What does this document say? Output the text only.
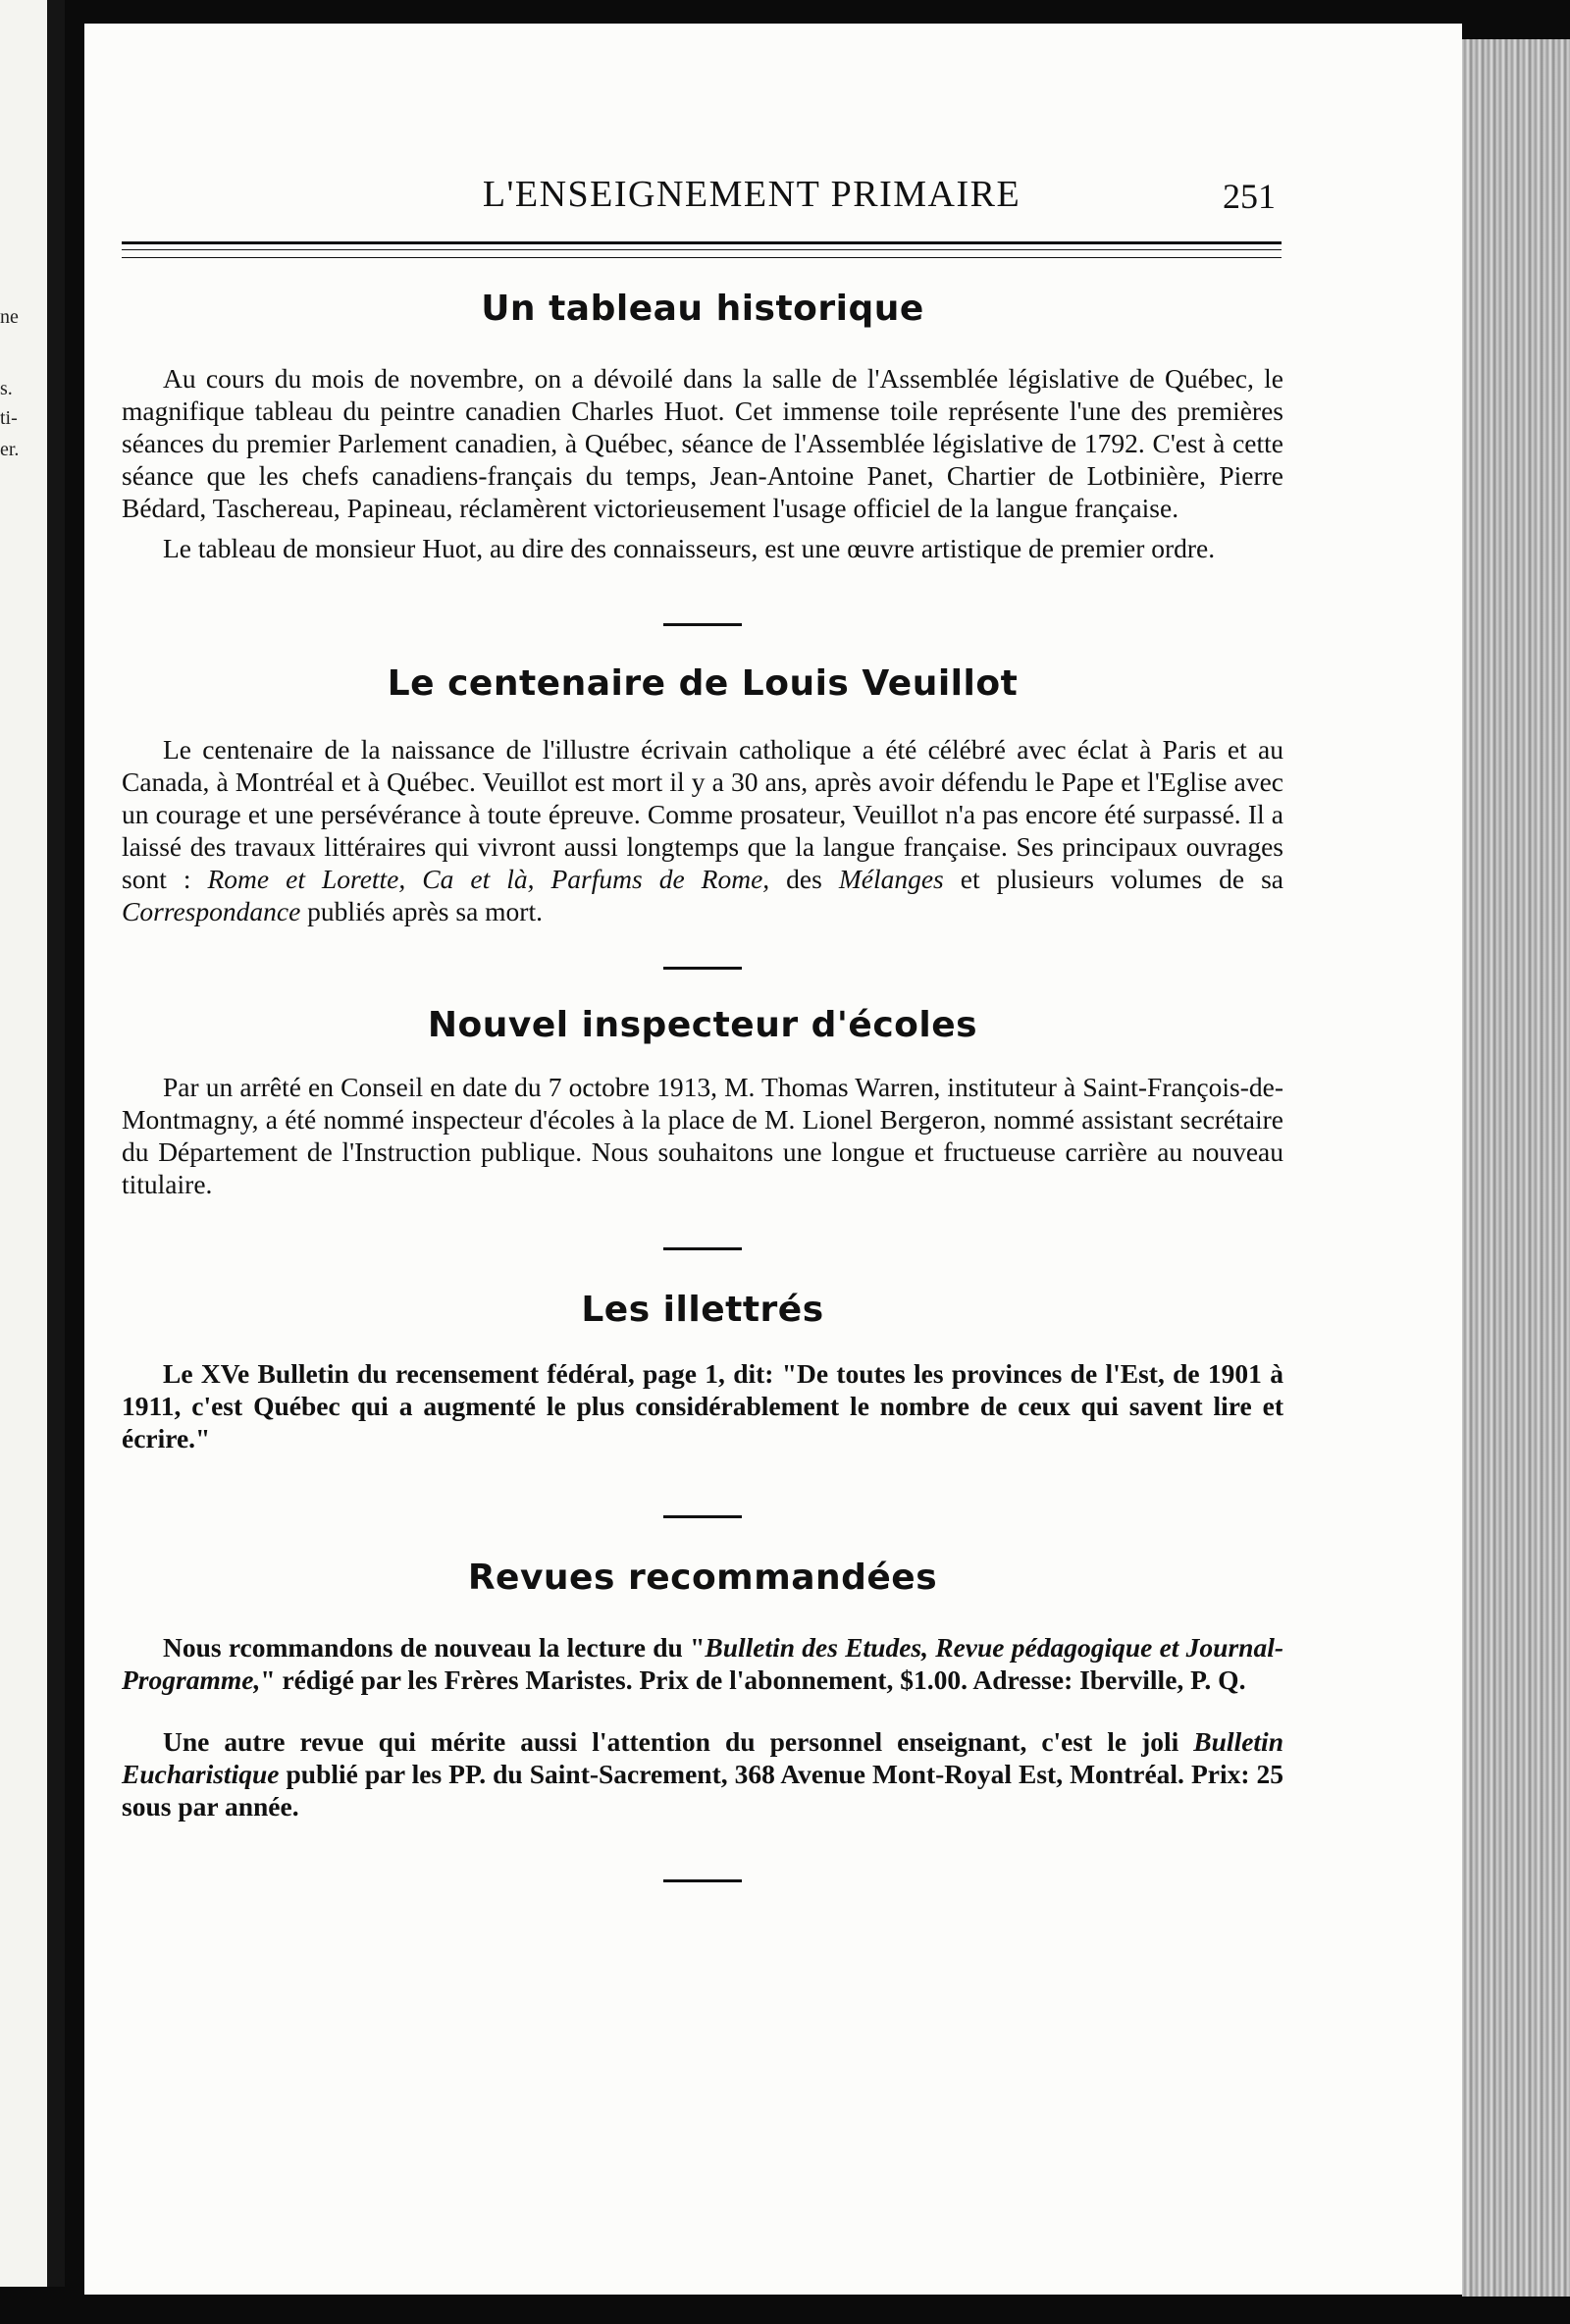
ne
s.
ti-
er.
L'ENSEIGNEMENT PRIMAIRE	251
Un tableau historique

Au cours du mois de novembre, on a dévoilé dans la salle de l'Assemblée législative de Québec, le magnifique tableau du peintre canadien Charles Huot. Cet immense toile représente l'une des premières séances du premier Parlement canadien, à Québec, séance de l'Assemblée législative de 1792. C'est à cette séance que les chefs canadiens-français du temps, Jean-Antoine Panet, Chartier de Lotbinière, Pierre Bédard, Taschereau, Papineau, réclamèrent victorieusement l'usage officiel de la langue française.

Le tableau de monsieur Huot, au dire des connaisseurs, est une œuvre artistique de premier ordre.

Le centenaire de Louis Veuillot

Le centenaire de la naissance de l'illustre écrivain catholique a été célébré avec éclat à Paris et au Canada, à Montréal et à Québec. Veuillot est mort il y a 30 ans, après avoir défendu le Pape et l'Eglise avec un courage et une persévérance à toute épreuve. Comme prosateur, Veuillot n'a pas encore été surpassé. Il a laissé des travaux littéraires qui vivront aussi longtemps que la langue française. Ses principaux ouvrages sont : Rome et Lorette, Ca et là, Parfums de Rome, des Mélanges et plusieurs volumes de sa Correspondance publiés après sa mort.

Nouvel inspecteur d'écoles

Par un arrêté en Conseil en date du 7 octobre 1913, M. Thomas Warren, instituteur à Saint-François-de-Montmagny, a été nommé inspecteur d'écoles à la place de M. Lionel Bergeron, nommé assistant secrétaire du Département de l'Instruction publique. Nous souhaitons une longue et fructueuse carrière au nouveau titulaire.

Les illettrés

Le XVe Bulletin du recensement fédéral, page 1, dit: "De toutes les provinces de l'Est, de 1901 à 1911, c'est Québec qui a augmenté le plus considérablement le nombre de ceux qui savent lire et écrire."

Revues recommandées

Nous rcommandons de nouveau la lecture du "Bulletin des Etudes, Revue pédagogique et Journal-Programme," rédigé par les Frères Maristes. Prix de l'abonnement, $1.00. Adresse: Iberville, P. Q.

Une autre revue qui mérite aussi l'attention du personnel enseignant, c'est le joli Bulletin Eucharistique publié par les PP. du Saint-Sacrement, 368 Avenue Mont-Royal Est, Montréal. Prix: 25 sous par année.
